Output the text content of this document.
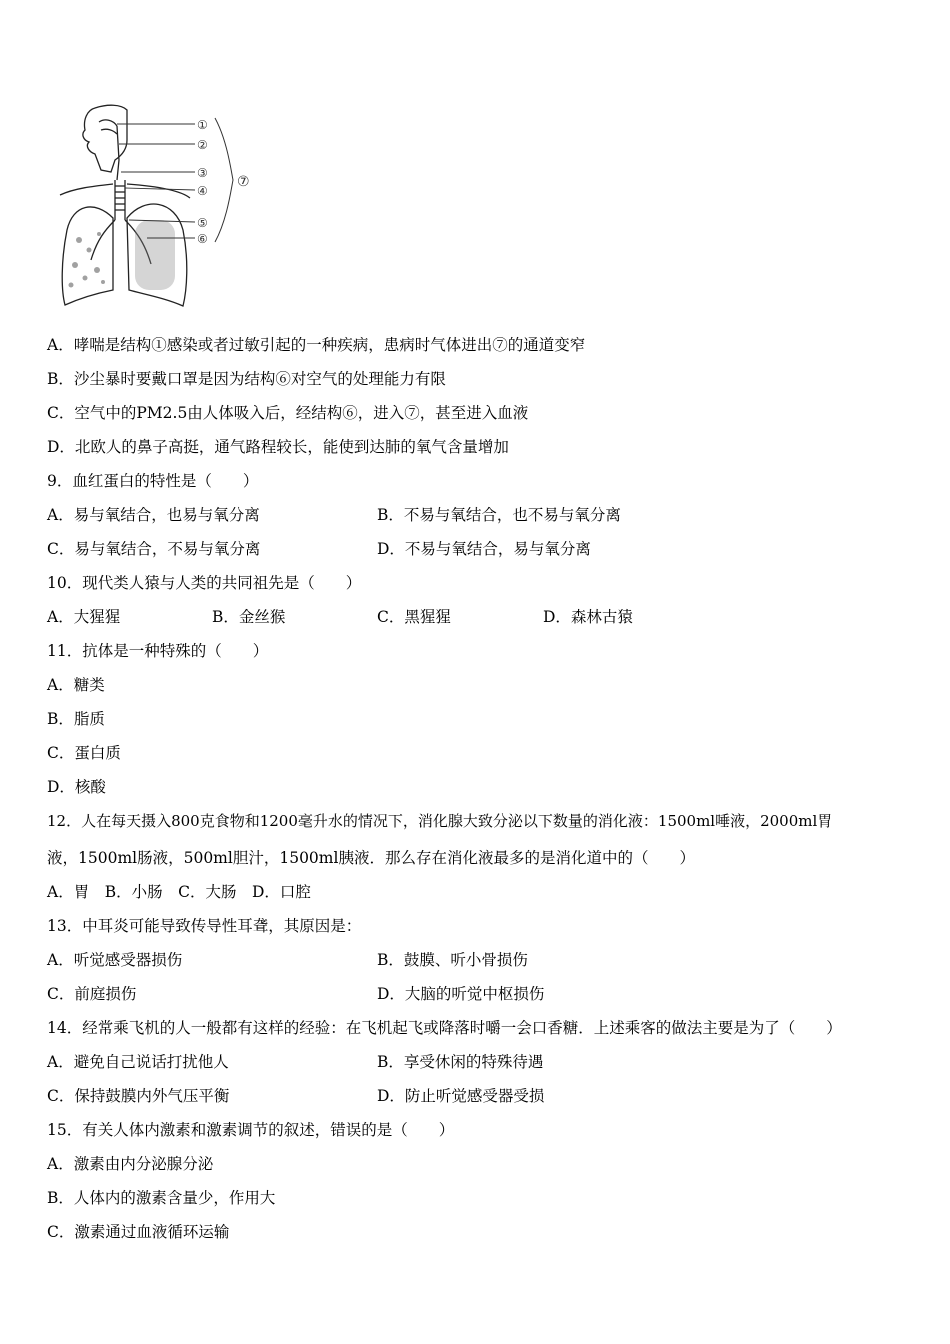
①
②
③
④
⑤
⑥
⑦
A．哮喘是结构①感染或者过敏引起的一种疾病，患病时气体进出⑦的通道变窄
B．沙尘暴时要戴口罩是因为结构⑥对空气的处理能力有限
C．空气中的PM2.5由人体吸入后，经结构⑥，进入⑦，甚至进入血液
D．北欧人的鼻子高挺，通气路程较长，能使到达肺的氧气含量增加
9．血红蛋白的特性是（　　）
A．易与氧结合，也易与氧分离	B．不易与氧结合，也不易与氧分离
C．易与氧结合，不易与氧分离	D．不易与氧结合，易与氧分离
10．现代类人猿与人类的共同祖先是（　　）
A．大猩猩	B．金丝猴	C．黑猩猩	D．森林古猿
11．抗体是一种特殊的（　　）
A．糖类
B．脂质
C．蛋白质
D．核酸
12．人在每天摄入800克食物和1200毫升水的情况下，消化腺大致分泌以下数量的消化液：1500ml唾液，2000ml胃
液，1500ml肠液，500ml胆汁，1500ml胰液．那么存在消化液最多的是消化道中的（　　）
A．胃　B．小肠　C．大肠　D．口腔
13．中耳炎可能导致传导性耳聋，其原因是：
A．听觉感受器损伤	B．鼓膜、听小骨损伤
C．前庭损伤	D．大脑的听觉中枢损伤
14．经常乘飞机的人一般都有这样的经验：在飞机起飞或降落时嚼一会口香糖．上述乘客的做法主要是为了（　　）
A．避免自己说话打扰他人	B．享受休闲的特殊待遇
C．保持鼓膜内外气压平衡	D．防止听觉感受器受损
15．有关人体内激素和激素调节的叙述，错误的是（　　）
A．激素由内分泌腺分泌
B．人体内的激素含量少，作用大
C．激素通过血液循环运输
